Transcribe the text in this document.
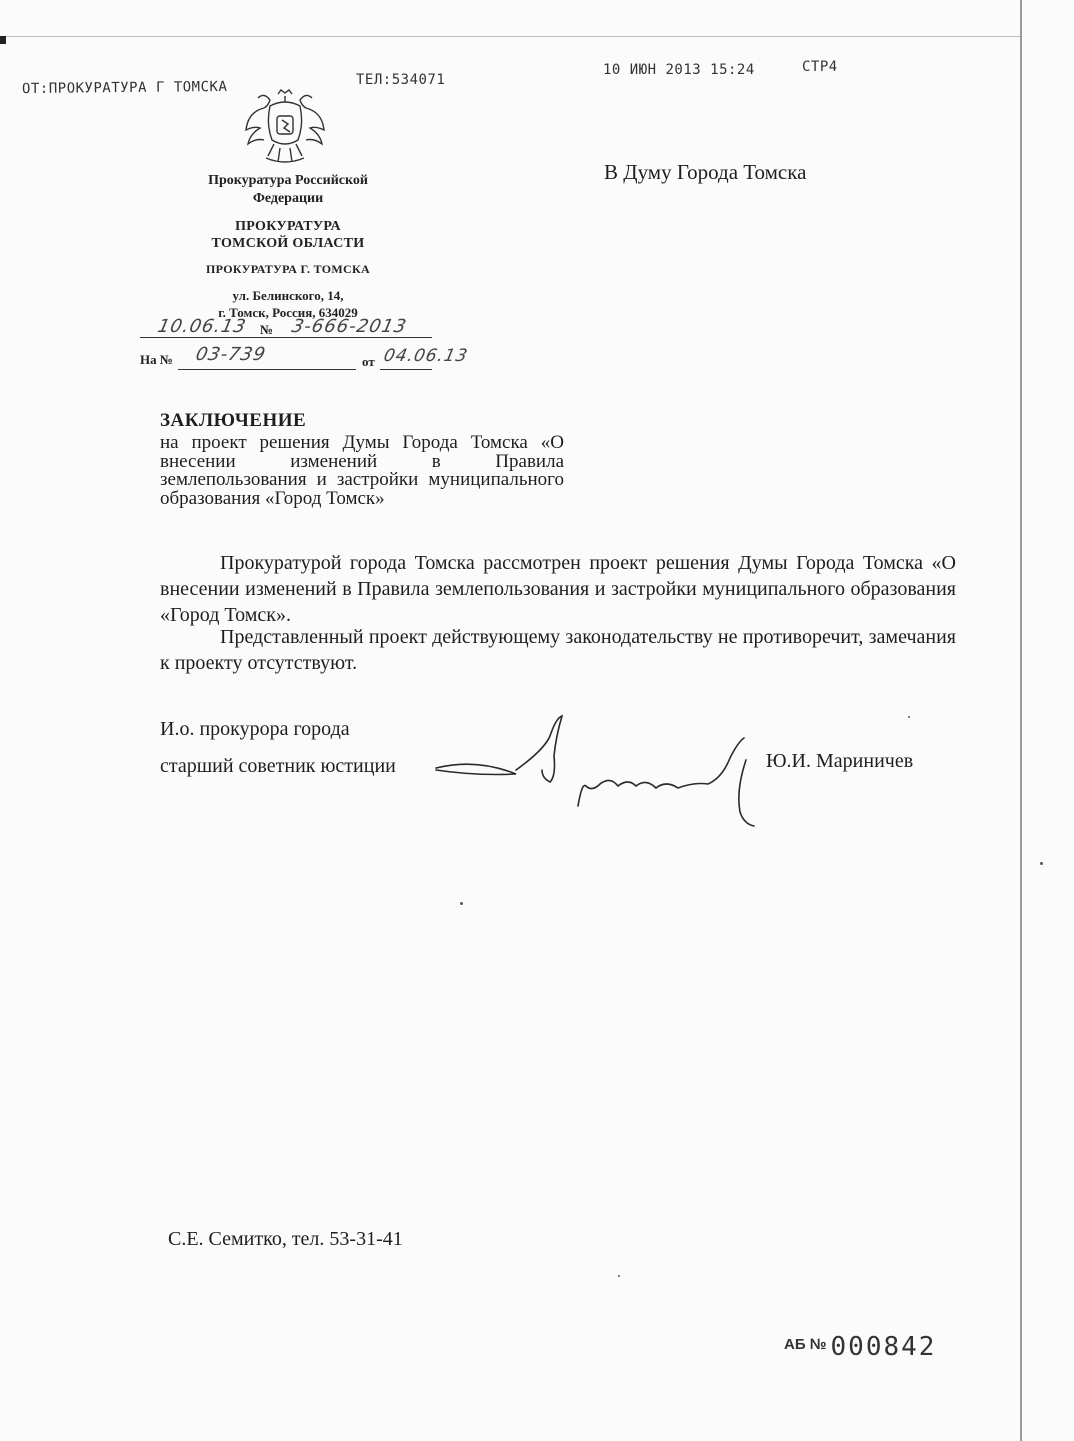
ОТ:ПРОКУРАТУРА Г ТОМСКА	ТЕЛ:534071
10 ИЮН 2013 15:24	СТР4
Прокуратура Российской
Федерации
ПРОКУРАТУРА
ТОМСКОЙ ОБЛАСТИ
ПРОКУРАТУРА Г. ТОМСКА
ул. Белинского, 14,
г. Томск, Россия, 634029
10.06.13 № 3-666-2013
На № 03-739	от 04.06.13
В Думу Города Томска
ЗАКЛЮЧЕНИЕ
на проект решения Думы Города Томска «О внесении изменений в Правила землепользования и застройки муниципального образования «Город Томск»
Прокуратурой города Томска рассмотрен проект решения Думы Города Томска «О внесении изменений в Правила землепользования и застройки муниципального образования «Город Томск».
Представленный проект действующему законодательству не противоречит, замечания к проекту отсутствуют.
И.о. прокурора города
старший советник юстиции	Ю.И. Мариничев
С.Е. Семитко, тел. 53-31-41
АБ № 000842
